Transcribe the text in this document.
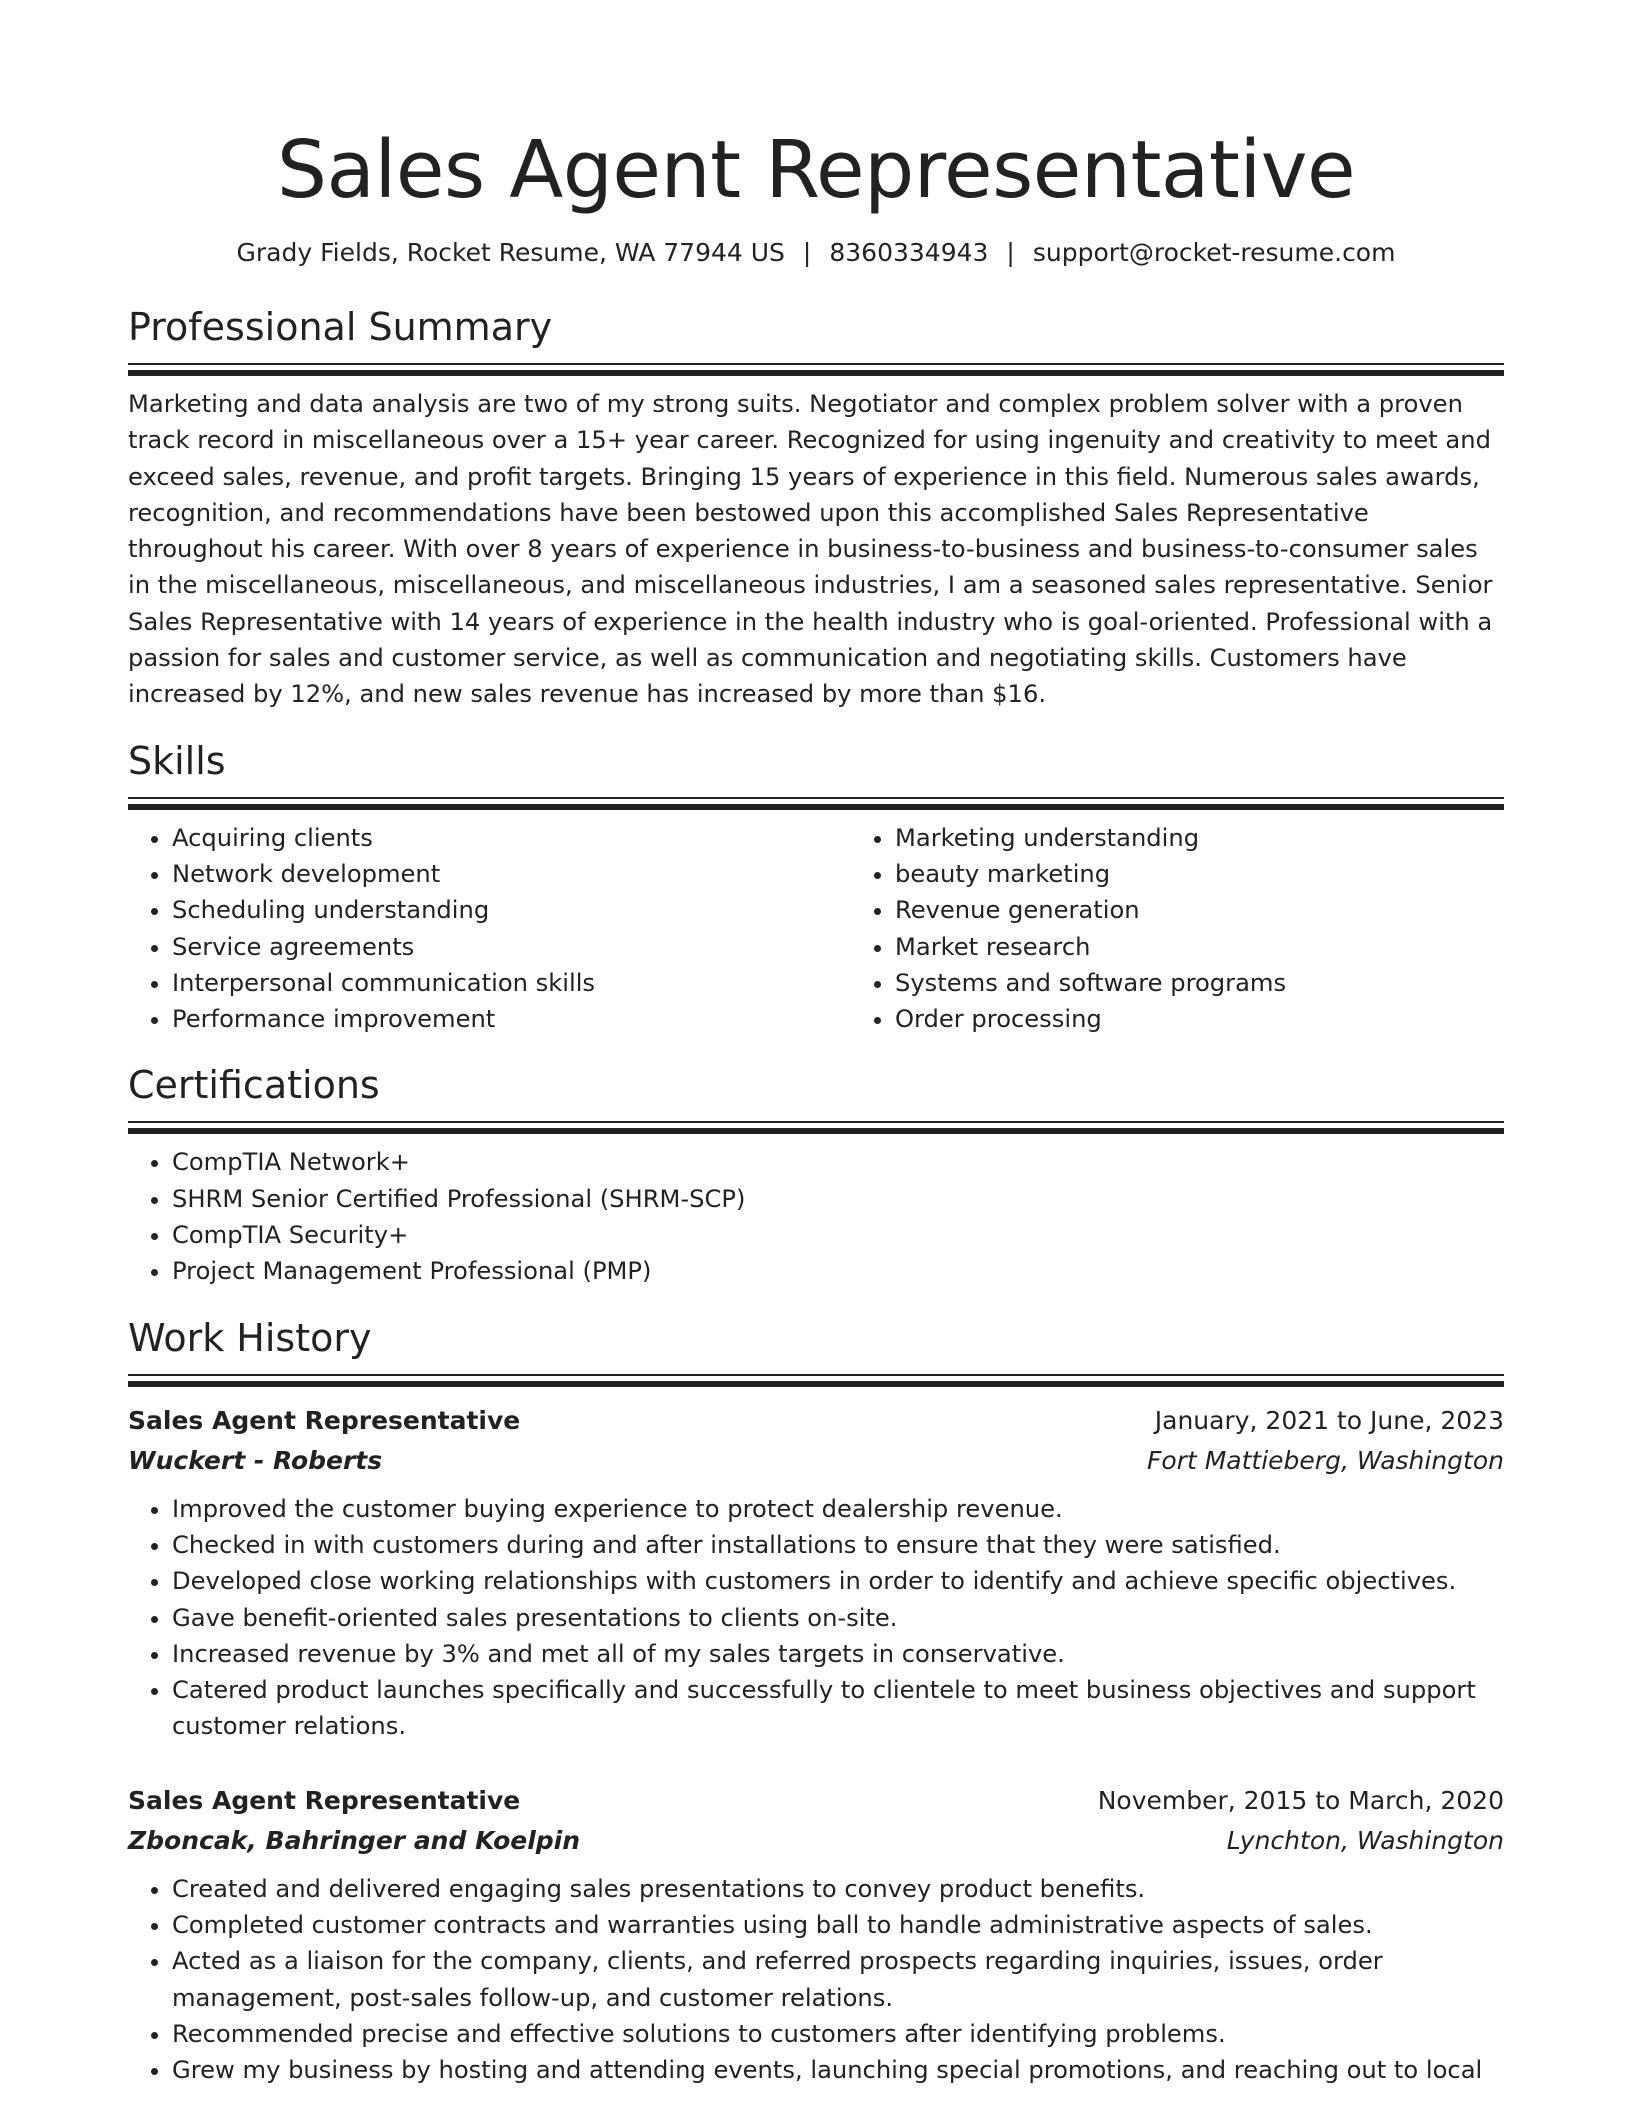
Sales Agent Representative
Grady Fields, Rocket Resume, WA 77944 US | 8360334943 | support@rocket-resume.com
Professional Summary

Marketing and data analysis are two of my strong suits. Negotiator and complex problem solver with a proven track record in miscellaneous over a 15+ year career. Recognized for using ingenuity and creativity to meet and exceed sales, revenue, and profit targets. Bringing 15 years of experience in this field. Numerous sales awards, recognition, and recommendations have been bestowed upon this accomplished Sales Representative throughout his career. With over 8 years of experience in business-to-business and business-to-consumer sales in the miscellaneous, miscellaneous, and miscellaneous industries, I am a seasoned sales representative. Senior Sales Representative with 14 years of experience in the health industry who is goal-oriented. Professional with a passion for sales and customer service, as well as communication and negotiating skills. Customers have increased by 12%, and new sales revenue has increased by more than $16.

Skills
• Acquiring clients
• Network development
• Scheduling understanding
• Service agreements
• Interpersonal communication skills
• Performance improvement
• Marketing understanding
• beauty marketing
• Revenue generation
• Market research
• Systems and software programs
• Order processing
Certifications
• CompTIA Network+
• SHRM Senior Certified Professional (SHRM-SCP)
• CompTIA Security+
• Project Management Professional (PMP)
Work History
Sales Agent Representative	January, 2021 to June, 2023
Wuckert - Roberts	Fort Mattieberg, Washington
• Improved the customer buying experience to protect dealership revenue.
• Checked in with customers during and after installations to ensure that they were satisfied.
• Developed close working relationships with customers in order to identify and achieve specific objectives.
• Gave benefit-oriented sales presentations to clients on-site.
• Increased revenue by 3% and met all of my sales targets in conservative.
• Catered product launches specifically and successfully to clientele to meet business objectives and support customer relations.
Sales Agent Representative	November, 2015 to March, 2020
Zboncak, Bahringer and Koelpin	Lynchton, Washington
• Created and delivered engaging sales presentations to convey product benefits.
• Completed customer contracts and warranties using ball to handle administrative aspects of sales.
• Acted as a liaison for the company, clients, and referred prospects regarding inquiries, issues, order management, post-sales follow-up, and customer relations.
• Recommended precise and effective solutions to customers after identifying problems.
• Grew my business by hosting and attending events, launching special promotions, and reaching out to local
